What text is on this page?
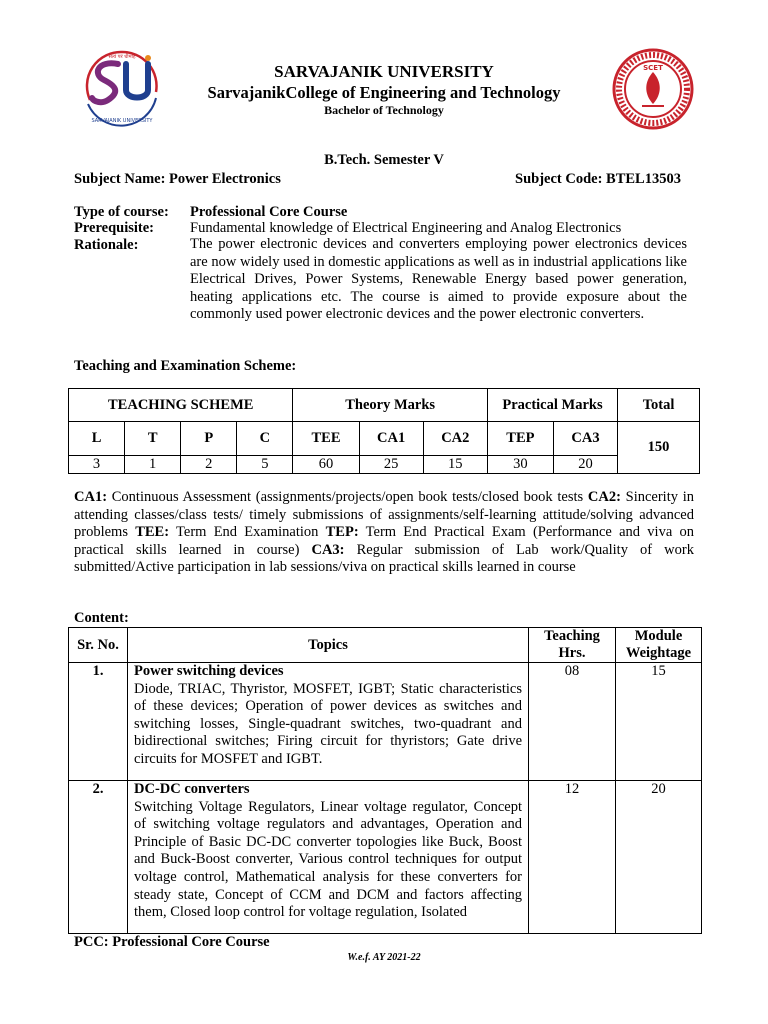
सत्यं परं धीमहि
SARVAJANIK UNIVERSITY
SCET
SARVAJANIK UNIVERSITY
SarvajanikCollege of Engineering and Technology
Bachelor of Technology
B.Tech. Semester V
Subject Name: Power Electronics	Subject Code: BTEL13503
Type of course: Professional Core Course
Prerequisite: Fundamental knowledge of Electrical Engineering and Analog Electronics
Rationale:	The power electronic devices and converters employing power electronics devices are now widely used in domestic applications as well as in industrial applications like Electrical Drives, Power Systems, Renewable Energy based power generation, heating applications etc. The course is aimed to provide exposure about the commonly used power electronic devices and the power electronic converters.
Teaching and Examination Scheme:
TEACHING SCHEME				Theory Marks			Practical Marks		Total
L	T	P	C	TEE	CA1	CA2	TEP	CA3	150
3	1	2	5	60	25	15	30	20	
CA1: Continuous Assessment (assignments/projects/open book tests/closed book tests CA2: Sincerity in attending classes/class tests/ timely submissions of assignments/self-learning attitude/solving advanced problems TEE: Term End Examination TEP: Term End Practical Exam (Performance and viva on practical skills learned in course) CA3: Regular submission of Lab work/Quality of work submitted/Active participation in lab sessions/viva on practical skills learned in course
Content:
Sr. No.	Topics	Teaching Hrs.	Module Weightage
1.	Power switching devices
Diode, TRIAC, Thyristor, MOSFET, IGBT; Static characteristics of these devices; Operation of power devices as switches and switching losses, Single-quadrant switches, two-quadrant and bidirectional switches; Firing circuit for thyristors; Gate drive circuits for MOSFET and IGBT.	08	15
2.	DC-DC converters
Switching Voltage Regulators, Linear voltage regulator, Concept of switching voltage regulators and advantages, Operation and Principle of Basic DC-DC converter topologies like Buck, Boost and Buck-Boost converter, Various control techniques for output voltage control, Mathematical analysis for these converters for steady state, Concept of CCM and DCM and factors affecting them, Closed loop control for voltage regulation, Isolated	12	20
PCC: Professional Core Course
W.e.f. AY 2021-22
